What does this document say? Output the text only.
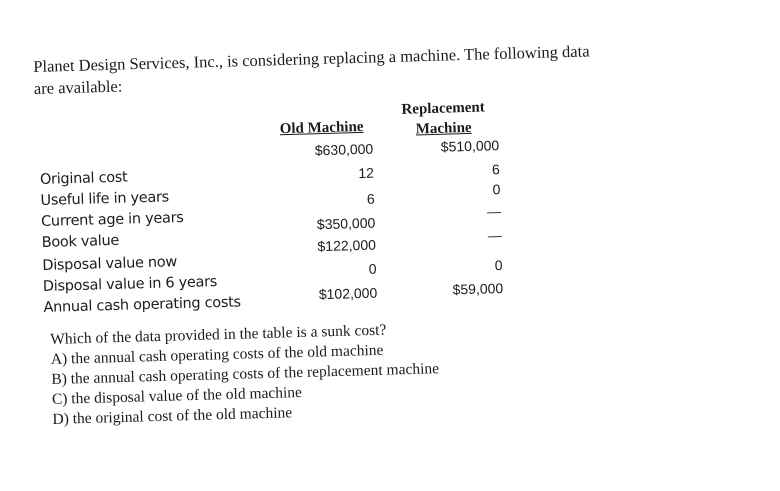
Planet Design Services, Inc., is considering replacing a machine. The following data
are available:
Old Machine
Replacement
Machine
Original cost
Useful life in years
Current age in years
Book value
Disposal value now
Disposal value in 6 years
Annual cash operating costs
$630,000
12
6
$350,000
$122,000
0
$102,000
$510,000
6
0
—
—
0
$59,000
Which of the data provided in the table is a sunk cost?
A) the annual cash operating costs of the old machine
B) the annual cash operating costs of the replacement machine
C) the disposal value of the old machine
D) the original cost of the old machine
